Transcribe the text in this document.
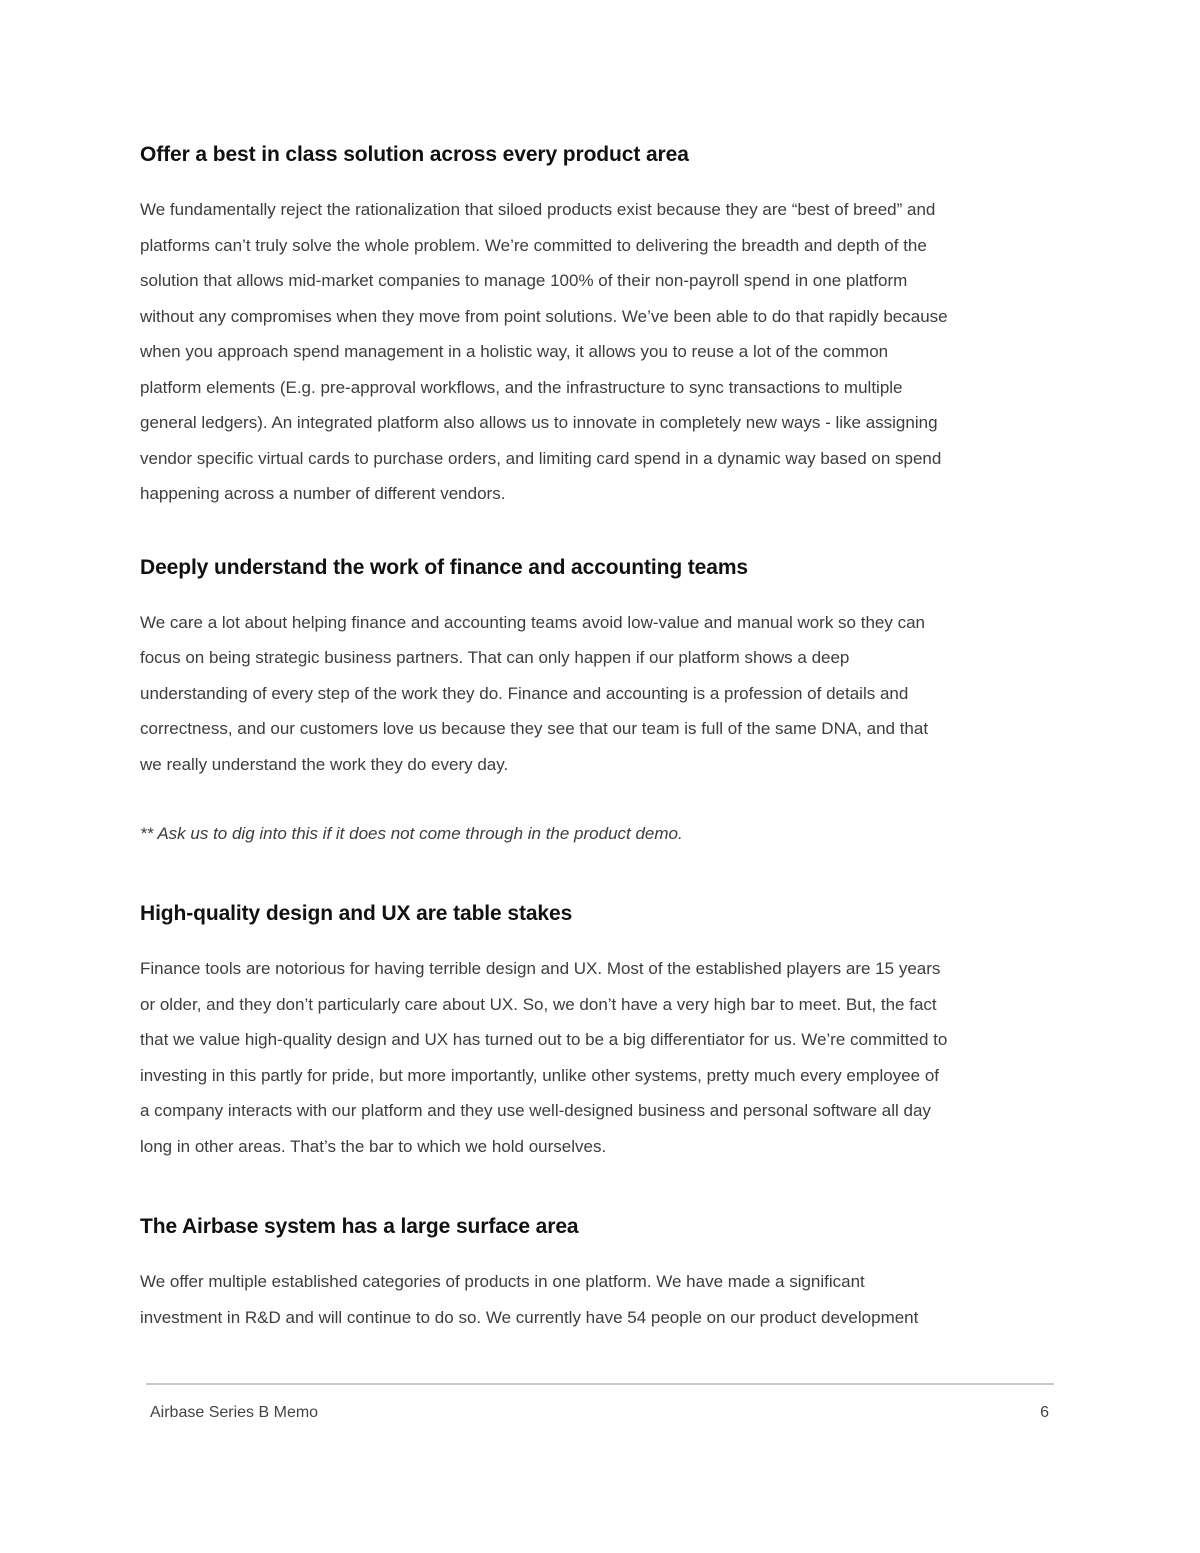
Offer a best in class solution across every product area

We fundamentally reject the rationalization that siloed products exist because they are “best of breed” and
platforms can’t truly solve the whole problem. We’re committed to delivering the breadth and depth of the
solution that allows mid-market companies to manage 100% of their non-payroll spend in one platform
without any compromises when they move from point solutions. We’ve been able to do that rapidly because
when you approach spend management in a holistic way, it allows you to reuse a lot of the common
platform elements (E.g. pre-approval workflows, and the infrastructure to sync transactions to multiple
general ledgers). An integrated platform also allows us to innovate in completely new ways - like assigning
vendor specific virtual cards to purchase orders, and limiting card spend in a dynamic way based on spend
happening across a number of different vendors.

Deeply understand the work of finance and accounting teams

We care a lot about helping finance and accounting teams avoid low-value and manual work so they can
focus on being strategic business partners. That can only happen if our platform shows a deep
understanding of every step of the work they do. Finance and accounting is a profession of details and
correctness, and our customers love us because they see that our team is full of the same DNA, and that
we really understand the work they do every day.

** Ask us to dig into this if it does not come through in the product demo.

High-quality design and UX are table stakes

Finance tools are notorious for having terrible design and UX. Most of the established players are 15 years
or older, and they don’t particularly care about UX. So, we don’t have a very high bar to meet. But, the fact
that we value high-quality design and UX has turned out to be a big differentiator for us. We’re committed to
investing in this partly for pride, but more importantly, unlike other systems, pretty much every employee of
a company interacts with our platform and they use well-designed business and personal software all day
long in other areas. That’s the bar to which we hold ourselves.

The Airbase system has a large surface area

We offer multiple established categories of products in one platform. We have made a significant
investment in R&D and will continue to do so. We currently have 54 people on our product development

Airbase Series B Memo	6
